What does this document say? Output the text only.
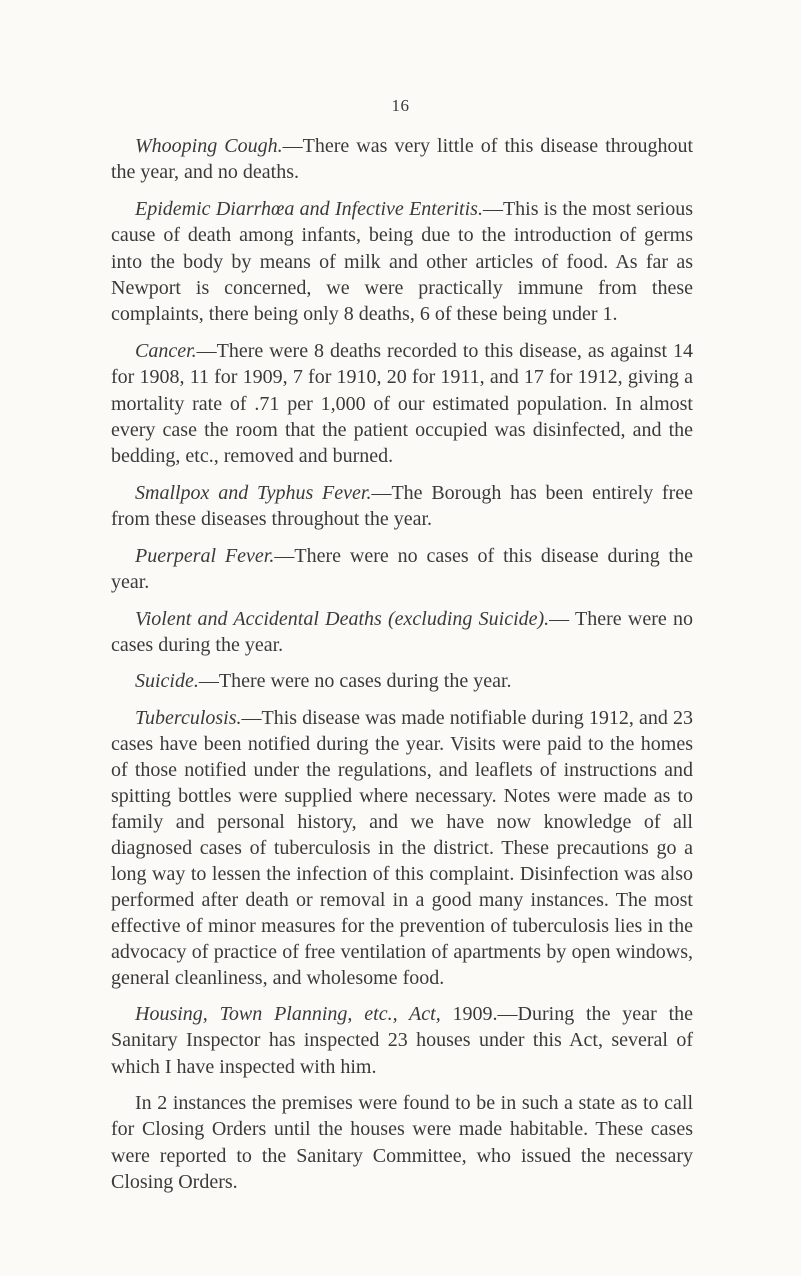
16

Whooping Cough.—There was very little of this disease throughout the year, and no deaths.

Epidemic Diarrhœa and Infective Enteritis.—This is the most serious cause of death among infants, being due to the introduction of germs into the body by means of milk and other articles of food. As far as Newport is concerned, we were practically immune from these complaints, there being only 8 deaths, 6 of these being under 1.

Cancer.—There were 8 deaths recorded to this disease, as against 14 for 1908, 11 for 1909, 7 for 1910, 20 for 1911, and 17 for 1912, giving a mortality rate of .71 per 1,000 of our estimated population. In almost every case the room that the patient occupied was disinfected, and the bedding, etc., removed and burned.

Smallpox and Typhus Fever.—The Borough has been entirely free from these diseases throughout the year.

Puerperal Fever.—There were no cases of this disease during the year.

Violent and Accidental Deaths (excluding Suicide).— There were no cases during the year.

Suicide.—There were no cases during the year.

Tuberculosis.—This disease was made notifiable during 1912, and 23 cases have been notified during the year. Visits were paid to the homes of those notified under the regulations, and leaflets of instructions and spitting bottles were supplied where necessary. Notes were made as to family and personal history, and we have now knowledge of all diagnosed cases of tuberculosis in the district. These precautions go a long way to lessen the infection of this complaint. Disinfection was also performed after death or removal in a good many instances. The most effective of minor measures for the prevention of tuberculosis lies in the advocacy of practice of free ventilation of apartments by open windows, general cleanliness, and wholesome food.

Housing, Town Planning, etc., Act, 1909.—During the year the Sanitary Inspector has inspected 23 houses under this Act, several of which I have inspected with him.

In 2 instances the premises were found to be in such a state as to call for Closing Orders until the houses were made habitable. These cases were reported to the Sanitary Committee, who issued the necessary Closing Orders.
